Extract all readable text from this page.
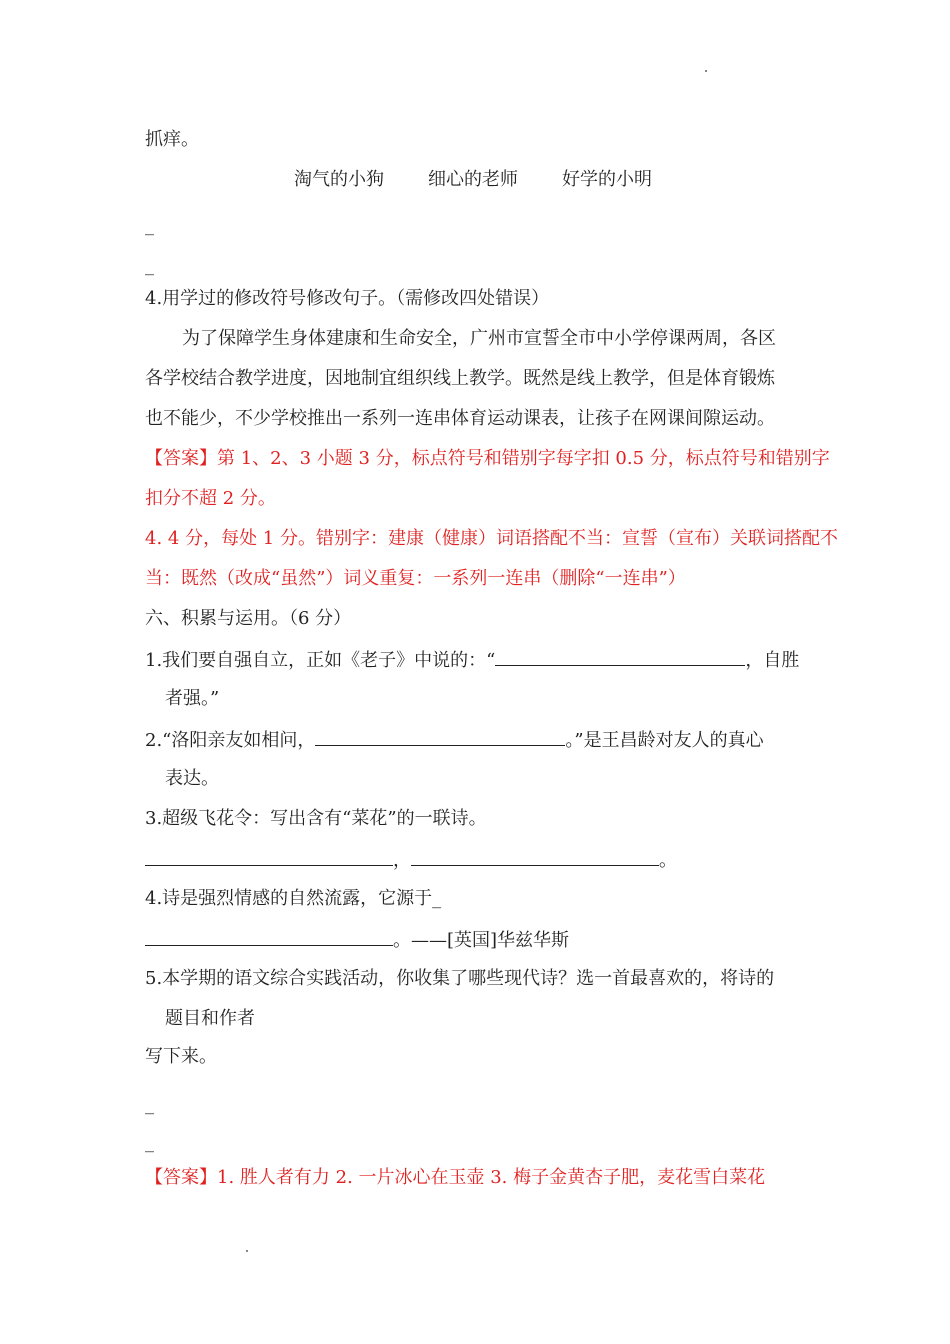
抓痒。
淘气的小狗 细心的老师 好学的小明
_
_
4.用学过的修改符号修改句子。（需修改四处错误）
为了保障学生身体建康和生命安全，广州市宣誓全市中小学停课两周，各区
各学校结合教学进度，因地制宜组织线上教学。既然是线上教学，但是体育锻炼
也不能少，不少学校推出一系列一连串体育运动课表，让孩子在网课间隙运动。
【答案】第 1、2、3 小题 3 分，标点符号和错别字每字扣 0.5 分，标点符号和错别字
扣分不超 2 分。
4. 4 分，每处 1 分。错别字：建康（健康）词语搭配不当：宣誓（宣布）关联词搭配不
当：既然（改成“虽然”）词义重复：一系列一连串（删除“一连串”）
六、积累与运用。（6 分）
1.我们要自强自立，正如《老子》中说的：“	，自胜
者强。”
2.“洛阳亲友如相问，	。”是王昌龄对友人的真心
表达。
3.超级飞花令：写出含有“菜花”的一联诗。
，	。
4.诗是强烈情感的自然流露，它源于_
。——[英国]华兹华斯
5.本学期的语文综合实践活动，你收集了哪些现代诗？选一首最喜欢的，将诗的
题目和作者
写下来。
_
_
【答案】1. 胜人者有力 2. 一片冰心在玉壶 3. 梅子金黄杏子肥，麦花雪白菜花
